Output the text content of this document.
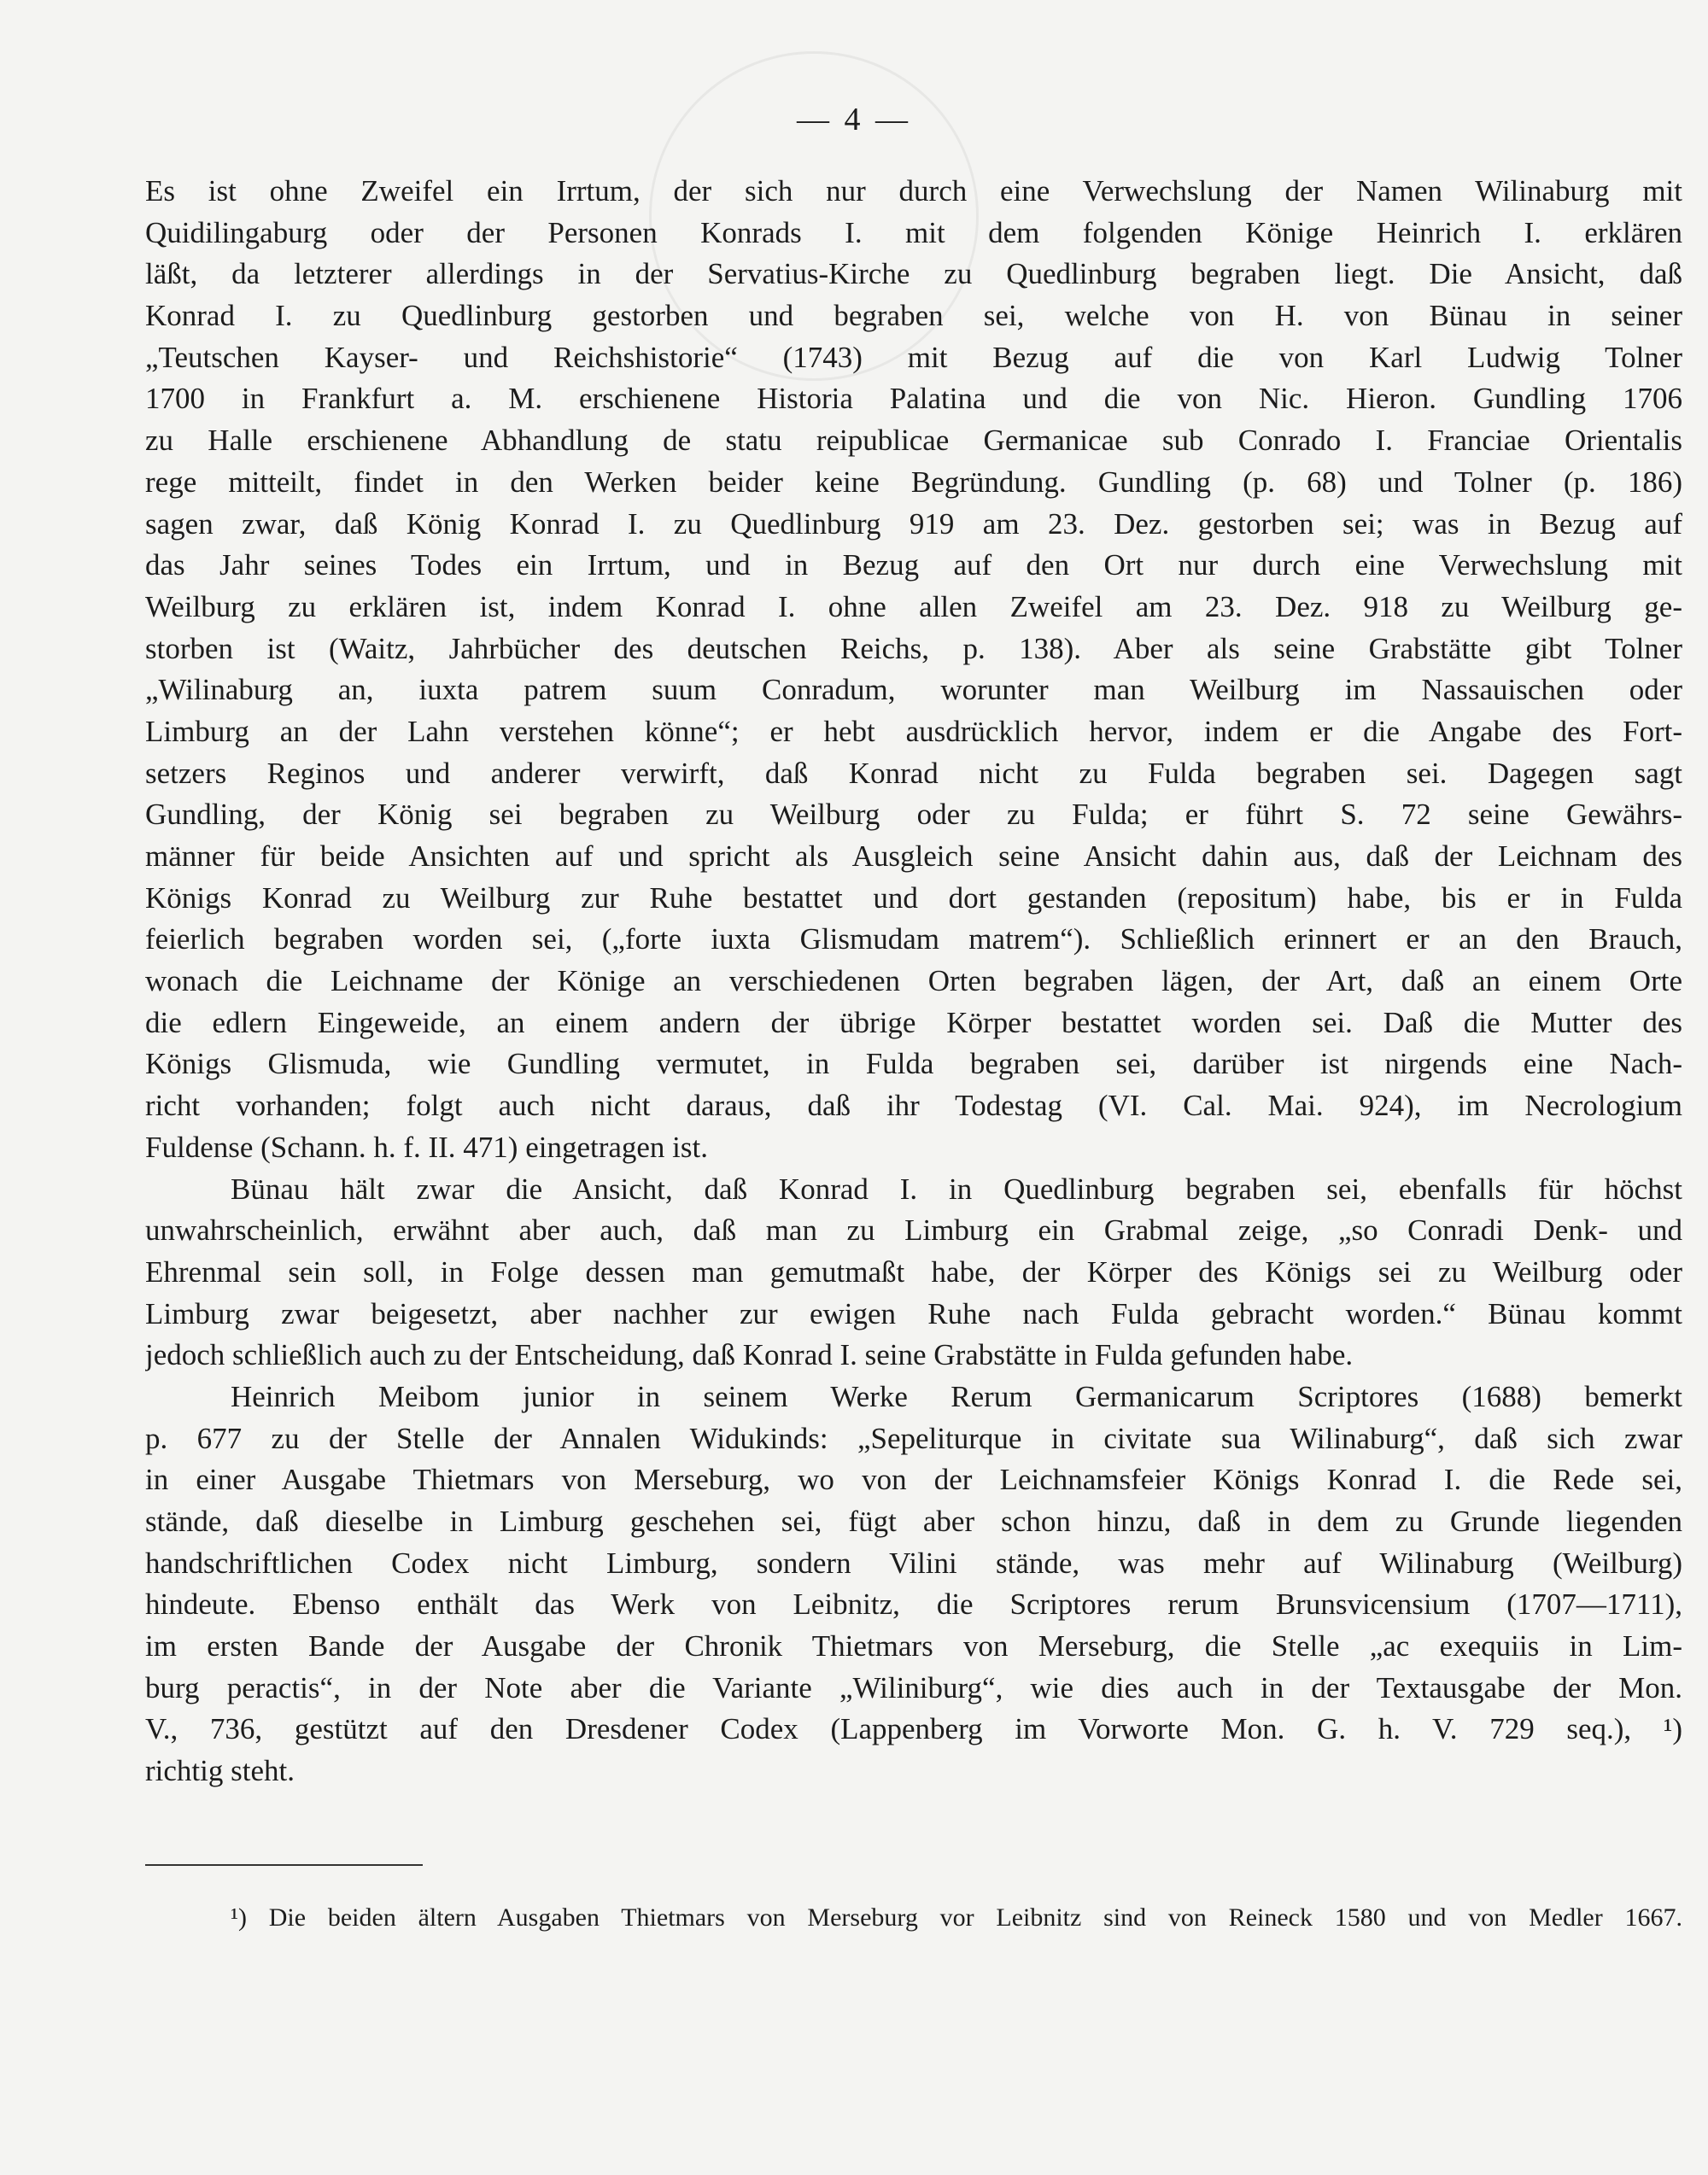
— 4 —
Es ist ohne Zweifel ein Irrtum, der sich nur durch eine Verwechslung der Namen Wilinaburg mit
Quidilingaburg oder der Personen Konrads I. mit dem folgenden Könige Heinrich I. erklären
läßt, da letzterer allerdings in der Servatius-Kirche zu Quedlinburg begraben liegt. Die Ansicht, daß
Konrad I. zu Quedlinburg gestorben und begraben sei, welche von H. von Bünau in seiner
„Teutschen Kayser- und Reichshistorie“ (1743) mit Bezug auf die von Karl Ludwig Tolner
1700 in Frankfurt a. M. erschienene Historia Palatina und die von Nic. Hieron. Gundling 1706
zu Halle erschienene Abhandlung de statu reipublicae Germanicae sub Conrado I. Franciae Orientalis
rege mitteilt, findet in den Werken beider keine Begründung. Gundling (p. 68) und Tolner (p. 186)
sagen zwar, daß König Konrad I. zu Quedlinburg 919 am 23. Dez. gestorben sei; was in Bezug auf
das Jahr seines Todes ein Irrtum, und in Bezug auf den Ort nur durch eine Verwechslung mit
Weilburg zu erklären ist, indem Konrad I. ohne allen Zweifel am 23. Dez. 918 zu Weilburg ge-
storben ist (Waitz, Jahrbücher des deutschen Reichs, p. 138). Aber als seine Grabstätte gibt Tolner
„Wilinaburg an, iuxta patrem suum Conradum, worunter man Weilburg im Nassauischen oder
Limburg an der Lahn verstehen könne“; er hebt ausdrücklich hervor, indem er die Angabe des Fort-
setzers Reginos und anderer verwirft, daß Konrad nicht zu Fulda begraben sei. Dagegen sagt
Gundling, der König sei begraben zu Weilburg oder zu Fulda; er führt S. 72 seine Gewährs-
männer für beide Ansichten auf und spricht als Ausgleich seine Ansicht dahin aus, daß der Leichnam des
Königs Konrad zu Weilburg zur Ruhe bestattet und dort gestanden (repositum) habe, bis er in Fulda
feierlich begraben worden sei, („forte iuxta Glismudam matrem“). Schließlich erinnert er an den Brauch,
wonach die Leichname der Könige an verschiedenen Orten begraben lägen, der Art, daß an einem Orte
die edlern Eingeweide, an einem andern der übrige Körper bestattet worden sei. Daß die Mutter des
Königs Glismuda, wie Gundling vermutet, in Fulda begraben sei, darüber ist nirgends eine Nach-
richt vorhanden; folgt auch nicht daraus, daß ihr Todestag (VI. Cal. Mai. 924), im Necrologium
Fuldense (Schann. h. f. II. 471) eingetragen ist.
Bünau hält zwar die Ansicht, daß Konrad I. in Quedlinburg begraben sei, ebenfalls für höchst
unwahrscheinlich, erwähnt aber auch, daß man zu Limburg ein Grabmal zeige, „so Conradi Denk- und
Ehrenmal sein soll, in Folge dessen man gemutmaßt habe, der Körper des Königs sei zu Weilburg oder
Limburg zwar beigesetzt, aber nachher zur ewigen Ruhe nach Fulda gebracht worden.“ Bünau kommt
jedoch schließlich auch zu der Entscheidung, daß Konrad I. seine Grabstätte in Fulda gefunden habe.
Heinrich Meibom junior in seinem Werke Rerum Germanicarum Scriptores (1688) bemerkt
p. 677 zu der Stelle der Annalen Widukinds: „Sepeliturque in civitate sua Wilinaburg“, daß sich zwar
in einer Ausgabe Thietmars von Merseburg, wo von der Leichnamsfeier Königs Konrad I. die Rede sei,
stände, daß dieselbe in Limburg geschehen sei, fügt aber schon hinzu, daß in dem zu Grunde liegenden
handschriftlichen Codex nicht Limburg, sondern Vilini stände, was mehr auf Wilinaburg (Weilburg)
hindeute. Ebenso enthält das Werk von Leibnitz, die Scriptores rerum Brunsvicensium (1707—1711),
im ersten Bande der Ausgabe der Chronik Thietmars von Merseburg, die Stelle „ac exequiis in Lim-
burg peractis“, in der Note aber die Variante „Wiliniburg“, wie dies auch in der Textausgabe der Mon.
V., 736, gestützt auf den Dresdener Codex (Lappenberg im Vorworte Mon. G. h. V. 729 seq.), ¹)
richtig steht.
¹) Die beiden ältern Ausgaben Thietmars von Merseburg vor Leibnitz sind von Reineck 1580 und von Medler 1667.
